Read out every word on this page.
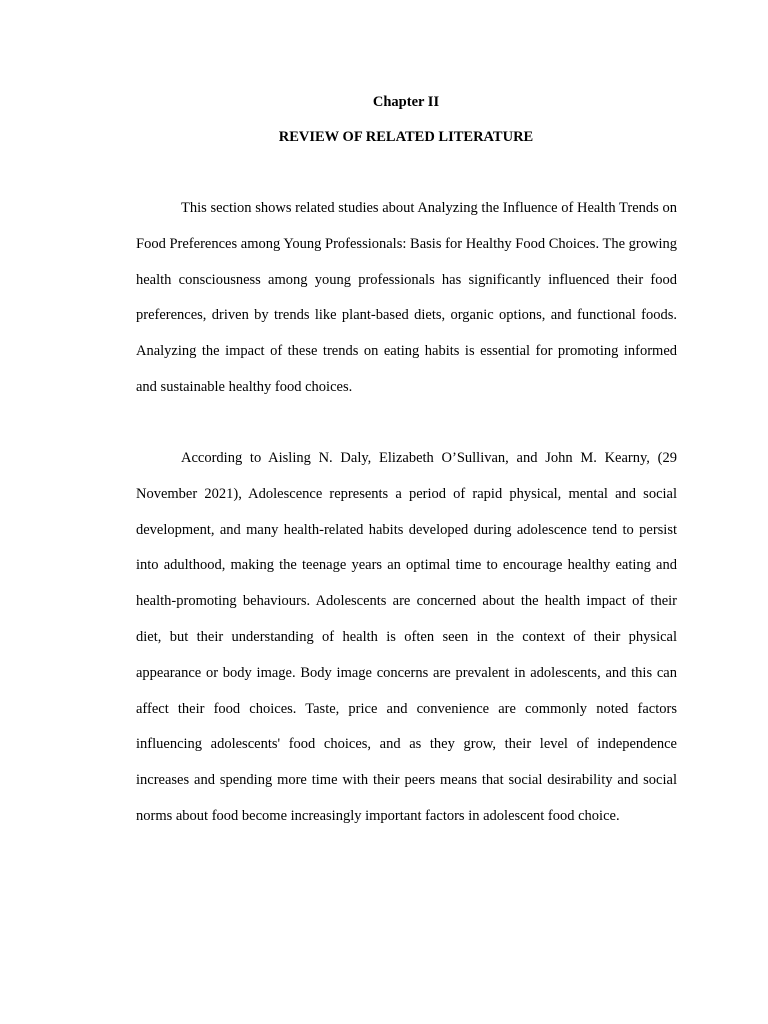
Chapter II
REVIEW OF RELATED LITERATURE

This section shows related studies about Analyzing the Influence of Health Trends on Food Preferences among Young Professionals: Basis for Healthy Food Choices. The growing health consciousness among young professionals has significantly influenced their food preferences, driven by trends like plant-based diets, organic options, and functional foods. Analyzing the impact of these trends on eating habits is essential for promoting informed and sustainable healthy food choices.

According to Aisling N. Daly, Elizabeth O’Sullivan, and John M. Kearny, (29 November 2021), Adolescence represents a period of rapid physical, mental and social development, and many health-related habits developed during adolescence tend to persist into adulthood, making the teenage years an optimal time to encourage healthy eating and health-promoting behaviours. Adolescents are concerned about the health impact of their diet, but their understanding of health is often seen in the context of their physical appearance or body image. Body image concerns are prevalent in adolescents, and this can affect their food choices. Taste, price and convenience are commonly noted factors influencing adolescents' food choices, and as they grow, their level of independence increases and spending more time with their peers means that social desirability and social norms about food become increasingly important factors in adolescent food choice.
